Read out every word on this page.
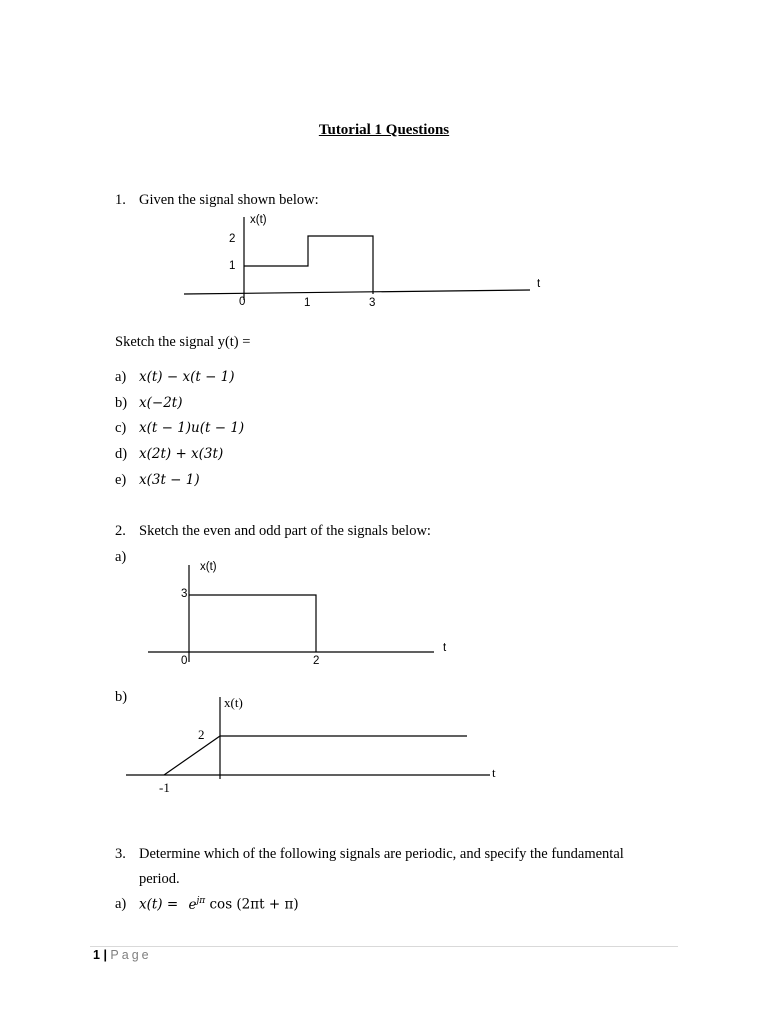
Tutorial 1 Questions
1. Given the signal shown below:
x(t)
t
2
1
0	1	3
Sketch the signal y(t) =
a) x(t) − x(t − 1)
b) x(−2t)
c) x(t − 1)u(t − 1)
d) x(2t) + x(3t)
e) x(3t − 1)
2. Sketch the even and odd part of the signals below:
a)
x(t)
t
3
0	2
b)	x(t)
t
2
-1
3. Determine which of the following signals are periodic, and specify the fundamental
period.
a) $x(t) = e^{j\pi}$ cos (2πt + π)
1 | Page
